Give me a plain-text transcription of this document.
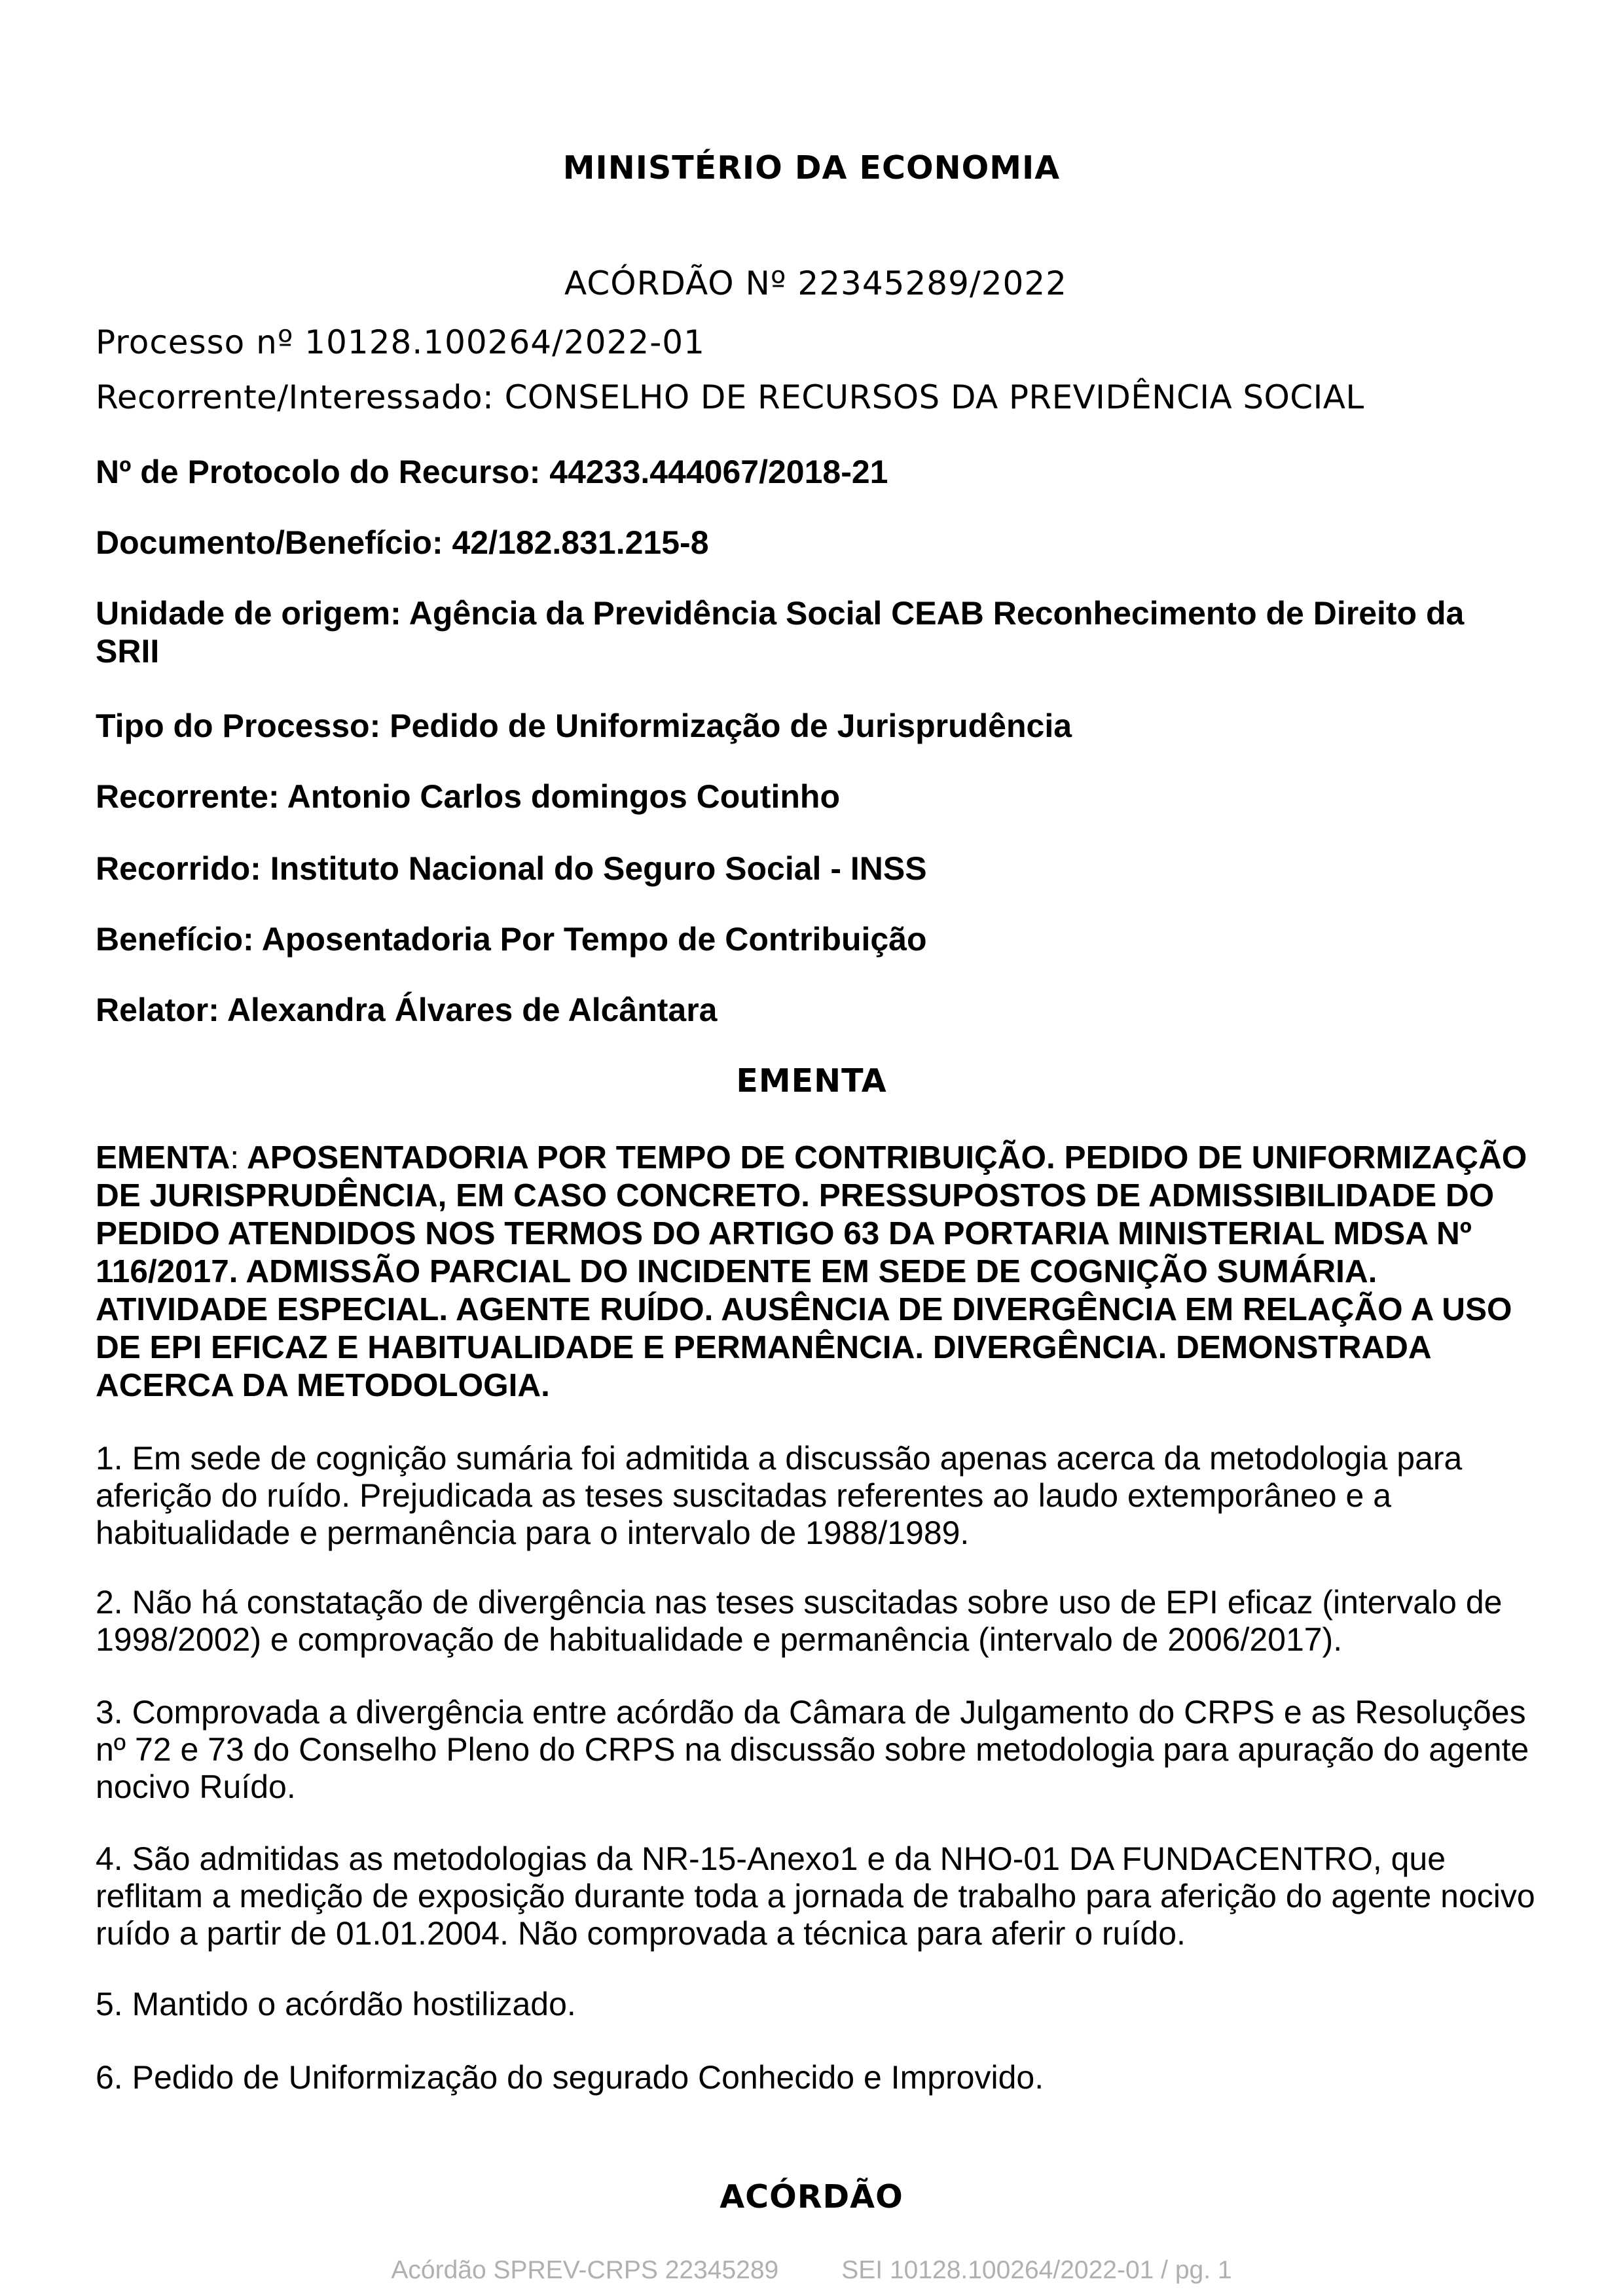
MINISTÉRIO DA ECONOMIA
ACÓRDÃO Nº 22345289/2022
Processo nº 10128.100264/2022-01
Recorrente/Interessado: CONSELHO DE RECURSOS DA PREVIDÊNCIA SOCIAL
Nº de Protocolo do Recurso: 44233.444067/2018-21
Documento/Benefício: 42/182.831.215-8
Unidade de origem: Agência da Previdência Social CEAB Reconhecimento de Direito da SRII
Tipo do Processo: Pedido de Uniformização de Jurisprudência
Recorrente: Antonio Carlos domingos Coutinho
Recorrido: Instituto Nacional do Seguro Social - INSS
Benefício: Aposentadoria Por Tempo de Contribuição
Relator: Alexandra Álvares de Alcântara
EMENTA
EMENTA: APOSENTADORIA POR TEMPO DE CONTRIBUIÇÃO. PEDIDO DE UNIFORMIZAÇÃO DE JURISPRUDÊNCIA, EM CASO CONCRETO. PRESSUPOSTOS DE ADMISSIBILIDADE DO PEDIDO ATENDIDOS NOS TERMOS DO ARTIGO 63 DA PORTARIA MINISTERIAL MDSA Nº 116/2017. ADMISSÃO PARCIAL DO INCIDENTE EM SEDE DE COGNIÇÃO SUMÁRIA. ATIVIDADE ESPECIAL. AGENTE RUÍDO. AUSÊNCIA DE DIVERGÊNCIA EM RELAÇÃO A USO DE EPI EFICAZ E HABITUALIDADE E PERMANÊNCIA. DIVERGÊNCIA. DEMONSTRADA ACERCA DA METODOLOGIA.

1. Em sede de cognição sumária foi admitida a discussão apenas acerca da metodologia para aferição do ruído. Prejudicada as teses suscitadas referentes ao laudo extemporâneo e a habitualidade e permanência para o intervalo de 1988/1989.

2. Não há constatação de divergência nas teses suscitadas sobre uso de EPI eficaz (intervalo de 1998/2002) e comprovação de habitualidade e permanência (intervalo de 2006/2017).

3. Comprovada a divergência entre acórdão da Câmara de Julgamento do CRPS e as Resoluções nº 72 e 73 do Conselho Pleno do CRPS na discussão sobre metodologia para apuração do agente nocivo Ruído.

4. São admitidas as metodologias da NR-15-Anexo1 e da NHO-01 DA FUNDACENTRO, que reflitam a medição de exposição durante toda a jornada de trabalho para aferição do agente nocivo ruído a partir de 01.01.2004. Não comprovada a técnica para aferir o ruído.

5. Mantido o acórdão hostilizado.

6. Pedido de Uniformização do segurado Conhecido e Improvido.

ACÓRDÃO
Acórdão SPREV-CRPS 22345289 SEI 10128.100264/2022-01 / pg. 1
